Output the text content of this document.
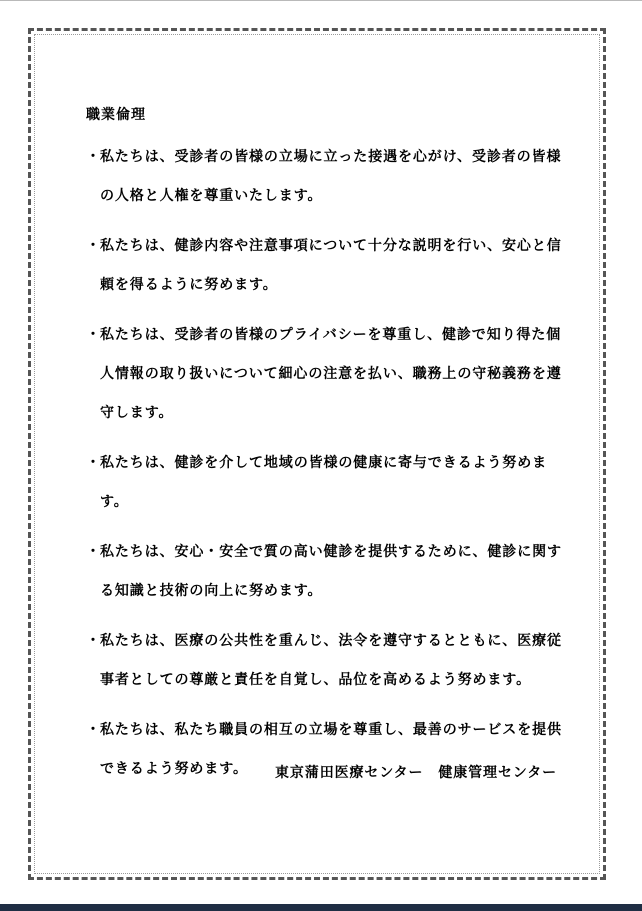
職業倫理
・ 私たちは、受診者の皆様の立場に立った接遇を心がけ、受診者の皆様の人格と人権を尊重いたします。
・ 私たちは、健診内容や注意事項について十分な説明を行い、安心と信頼を得るように努めます。
・ 私たちは、受診者の皆様のプライバシーを尊重し、健診で知り得た個人情報の取り扱いについて細心の注意を払い、職務上の守秘義務を遵守します。
・ 私たちは、健診を介して地域の皆様の健康に寄与できるよう努めます。
・ 私たちは、安心・安全で質の高い健診を提供するために、健診に関する知識と技術の向上に努めます。
・ 私たちは、医療の公共性を重んじ、法令を遵守するとともに、医療従事者としての尊厳と責任を自覚し、品位を高めるよう努めます。
・ 私たちは、私たち職員の相互の立場を尊重し、最善のサービスを提供できるよう努めます。	東京蒲田医療センター　健康管理センター
